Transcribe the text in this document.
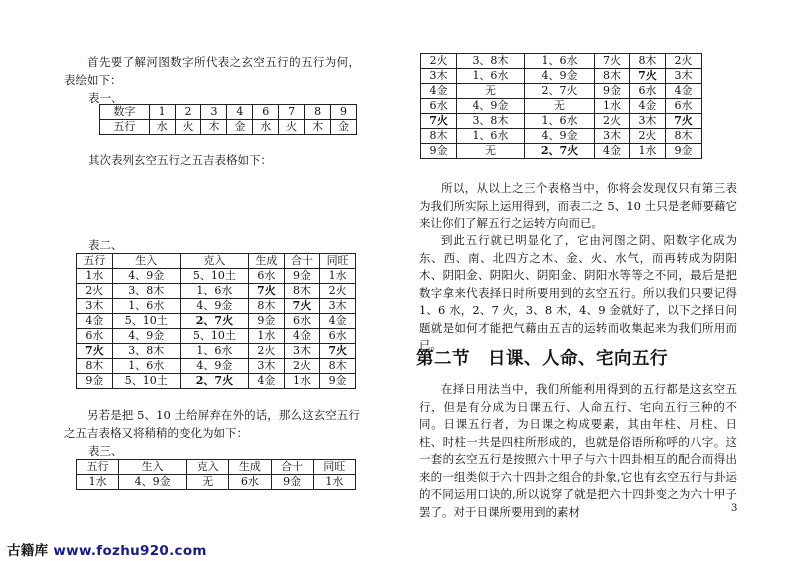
首先要了解河图数字所代表之玄空五行的五行为何，表绘如下：

表一、
数字	1	2	3	4	6	7	8	9
五行	水	火	木	金	水	火	木	金
其次表列玄空五行之五吉表格如下：
表二、
五行	生入	克入	生成	合十	同旺
1水	4、9金	5、10土	6水	9金	1水
2火	3、8木	1、6水	7火	8木	2火
3木	1、6水	4、9金	8木	7火	3木
4金	5、10土	2、7火	9金	6水	4金
6水	4、9金	5、10土	1水	4金	6水
7火	3、8木	1、6水	2火	3木	7火
8木	1、6水	4、9金	3木	2火	8木
9金	5、10土	2、7火	4金	1水	9金

另若是把 5、10 土给屏弃在外的话，那么这玄空五行之五吉表格又将稍稍的变化为如下：

表三、
五行	生入	克入	生成	合十	同旺
1水	4、9金	无	6水	9金	1水
2火	3、8木	1、6水	7火	8木	2火
3木	1、6水	4、9金	8木	7火	3木
4金	无	2、7火	9金	6水	4金
6水	4、9金	无	1水	4金	6水
7火	3、8木	1、6水	2火	3木	7火
8木	1、6水	4、9金	3木	2火	8木
9金	无	2、7火	4金	1水	9金

所以，从以上之三个表格当中，你将会发现仅只有第三表为我们所实际上运用得到，而表二之 5、10 土只是老师要藉它来让你们了解五行之运转方向而已。

到此五行就已明显化了，它由河图之阴、阳数字化成为东、西、南、北四方之木、金、火、水气，而再转成为阴阳木、阴阳金、阴阳火、阴阳金、阴阳水等等之不同，最后是把数字拿来代表择日时所要用到的玄空五行。所以我们只要记得 1、6 水，2、7 火，3、8 木，4、9 金就好了，以下之择日问题就是如何才能把气藉由五吉的运转而收集起来为我们所用而已。

第二节　日课、人命、宅向五行

在择日用法当中，我们所能利用得到的五行都是这玄空五行，但是有分成为日课五行、人命五行、宅向五行三种的不同。日课五行者，为日课之构成要素，其由年柱、月柱、日柱、时柱一共是四柱所形成的，也就是俗语所称呼的八字。这一套的玄空五行是按照六十甲子与六十四卦相互的配合而得出来的一组类似于六十四卦之组合的卦象,它也有玄空五行与卦运的不同运用口诀的,所以说穿了就是把六十四卦变之为六十甲子罢了。对于日课所要用到的素材	3
古籍库 www.fozhu920.com
